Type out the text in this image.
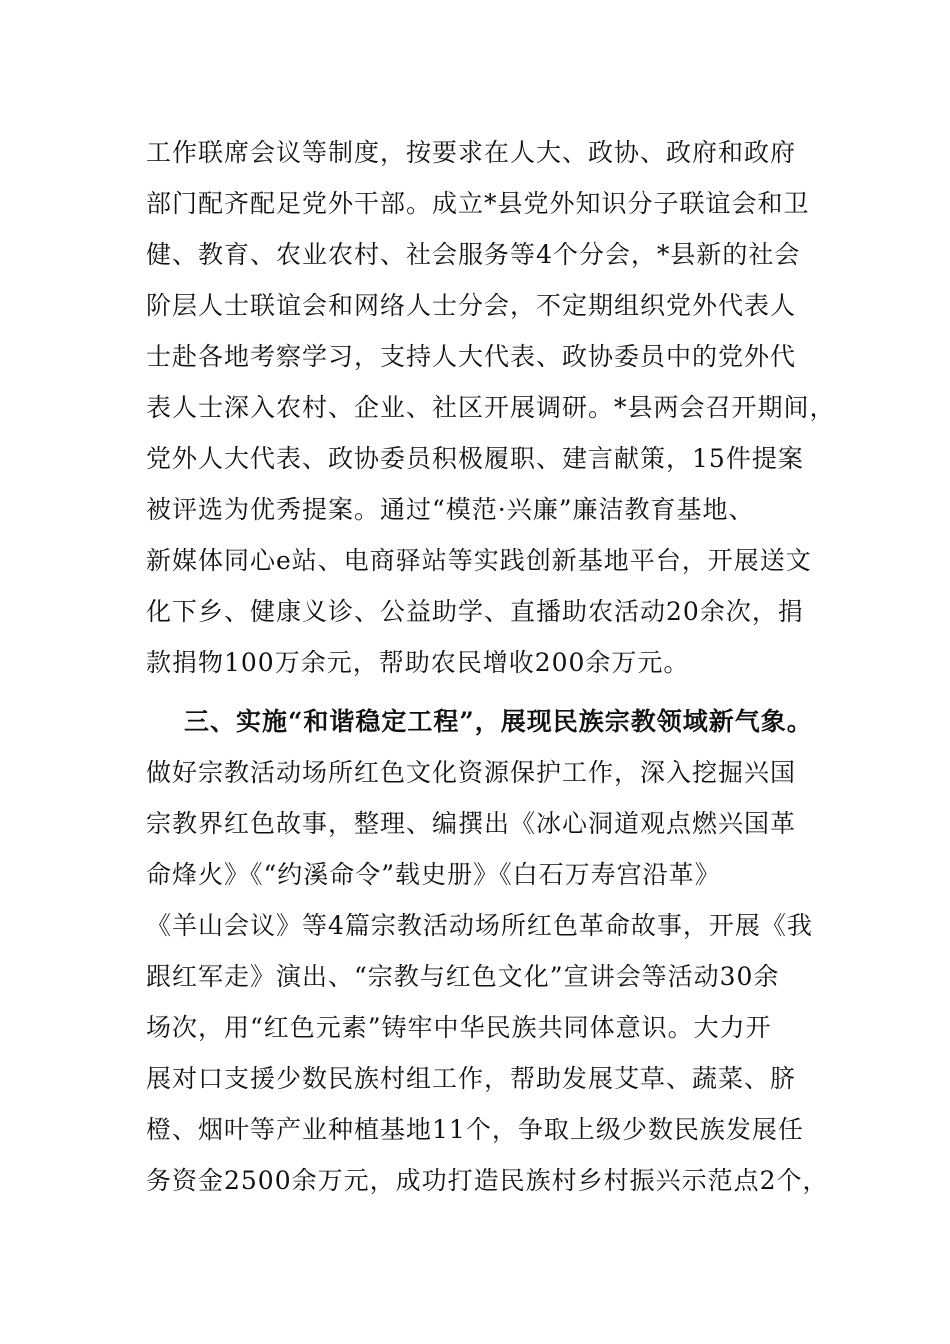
工作联席会议等制度，按要求在人大、政协、政府和政府
部门配齐配足党外干部。成立*县党外知识分子联谊会和卫
健、教育、农业农村、社会服务等4个分会，*县新的社会
阶层人士联谊会和网络人士分会，不定期组织党外代表人
士赴各地考察学习，支持人大代表、政协委员中的党外代
表人士深入农村、企业、社区开展调研。*县两会召开期间，
党外人大代表、政协委员积极履职、建言献策，15件提案
被评选为优秀提案。通过“模范·兴廉”廉洁教育基地、
新媒体同心e站、电商驿站等实践创新基地平台，开展送文
化下乡、健康义诊、公益助学、直播助农活动20余次，捐
款捐物100万余元，帮助农民增收200余万元。
三、实施“和谐稳定工程”，展现民族宗教领域新气象。
做好宗教活动场所红色文化资源保护工作，深入挖掘兴国
宗教界红色故事，整理、编撰出《冰心洞道观点燃兴国革
命烽火》《“约溪命令”载史册》《白石万寿宫沿革》
《羊山会议》等4篇宗教活动场所红色革命故事，开展《我
跟红军走》演出、“宗教与红色文化”宣讲会等活动30余
场次，用“红色元素”铸牢中华民族共同体意识。大力开
展对口支援少数民族村组工作，帮助发展艾草、蔬菜、脐
橙、烟叶等产业种植基地11个，争取上级少数民族发展任
务资金2500余万元，成功打造民族村乡村振兴示范点2个，
